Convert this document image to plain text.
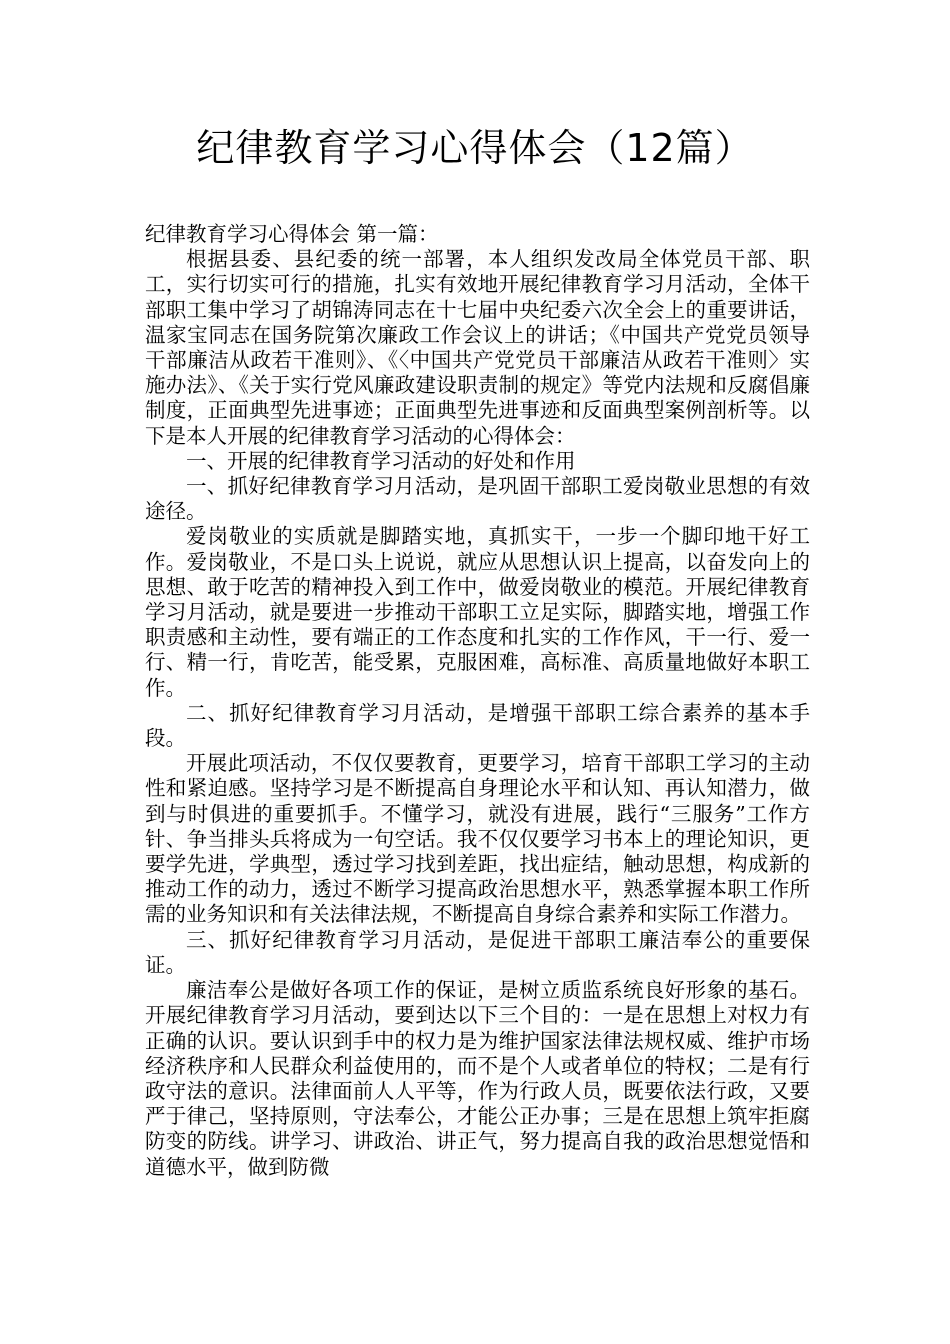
纪律教育学习心得体会（12篇）

纪律教育学习心得体会 第一篇：

根据县委、县纪委的统一部署，本人组织发改局全体党员干部、职工，实行切实可行的措施，扎实有效地开展纪律教育学习月活动，全体干部职工集中学习了胡锦涛同志在十七届中央纪委六次全会上的重要讲话，温家宝同志在国务院第次廉政工作会议上的讲话；《中国共产党党员领导干部廉洁从政若干准则》、《〈中国共产党党员干部廉洁从政若干准则〉实施办法》、《关于实行党风廉政建设职责制的规定》等党内法规和反腐倡廉制度，正面典型先进事迹；正面典型先进事迹和反面典型案例剖析等。以下是本人开展的纪律教育学习活动的心得体会：

一、开展的纪律教育学习活动的好处和作用

一、抓好纪律教育学习月活动，是巩固干部职工爱岗敬业思想的有效途径。

爱岗敬业的实质就是脚踏实地，真抓实干，一步一个脚印地干好工作。爱岗敬业，不是口头上说说，就应从思想认识上提高，以奋发向上的思想、敢于吃苦的精神投入到工作中，做爱岗敬业的模范。开展纪律教育学习月活动，就是要进一步推动干部职工立足实际，脚踏实地，增强工作职责感和主动性，要有端正的工作态度和扎实的工作作风，干一行、爱一行、精一行，肯吃苦，能受累，克服困难，高标准、高质量地做好本职工作。

二、抓好纪律教育学习月活动，是增强干部职工综合素养的基本手段。

开展此项活动，不仅仅要教育，更要学习，培育干部职工学习的主动性和紧迫感。坚持学习是不断提高自身理论水平和认知、再认知潜力，做到与时俱进的重要抓手。不懂学习，就没有进展，践行“三服务”工作方针、争当排头兵将成为一句空话。我不仅仅要学习书本上的理论知识，更要学先进，学典型，透过学习找到差距，找出症结，触动思想，构成新的推动工作的动力，透过不断学习提高政治思想水平，熟悉掌握本职工作所需的业务知识和有关法律法规，不断提高自身综合素养和实际工作潜力。

三、抓好纪律教育学习月活动，是促进干部职工廉洁奉公的重要保证。

廉洁奉公是做好各项工作的保证，是树立质监系统良好形象的基石。开展纪律教育学习月活动，要到达以下三个目的：一是在思想上对权力有正确的认识。要认识到手中的权力是为维护国家法律法规权威、维护市场经济秩序和人民群众利益使用的，而不是个人或者单位的特权；二是有行政守法的意识。法律面前人人平等，作为行政人员，既要依法行政，又要严于律己，坚持原则，守法奉公，才能公正办事；三是在思想上筑牢拒腐防变的防线。讲学习、讲政治、讲正气，努力提高自我的政治思想觉悟和道德水平，做到防微
